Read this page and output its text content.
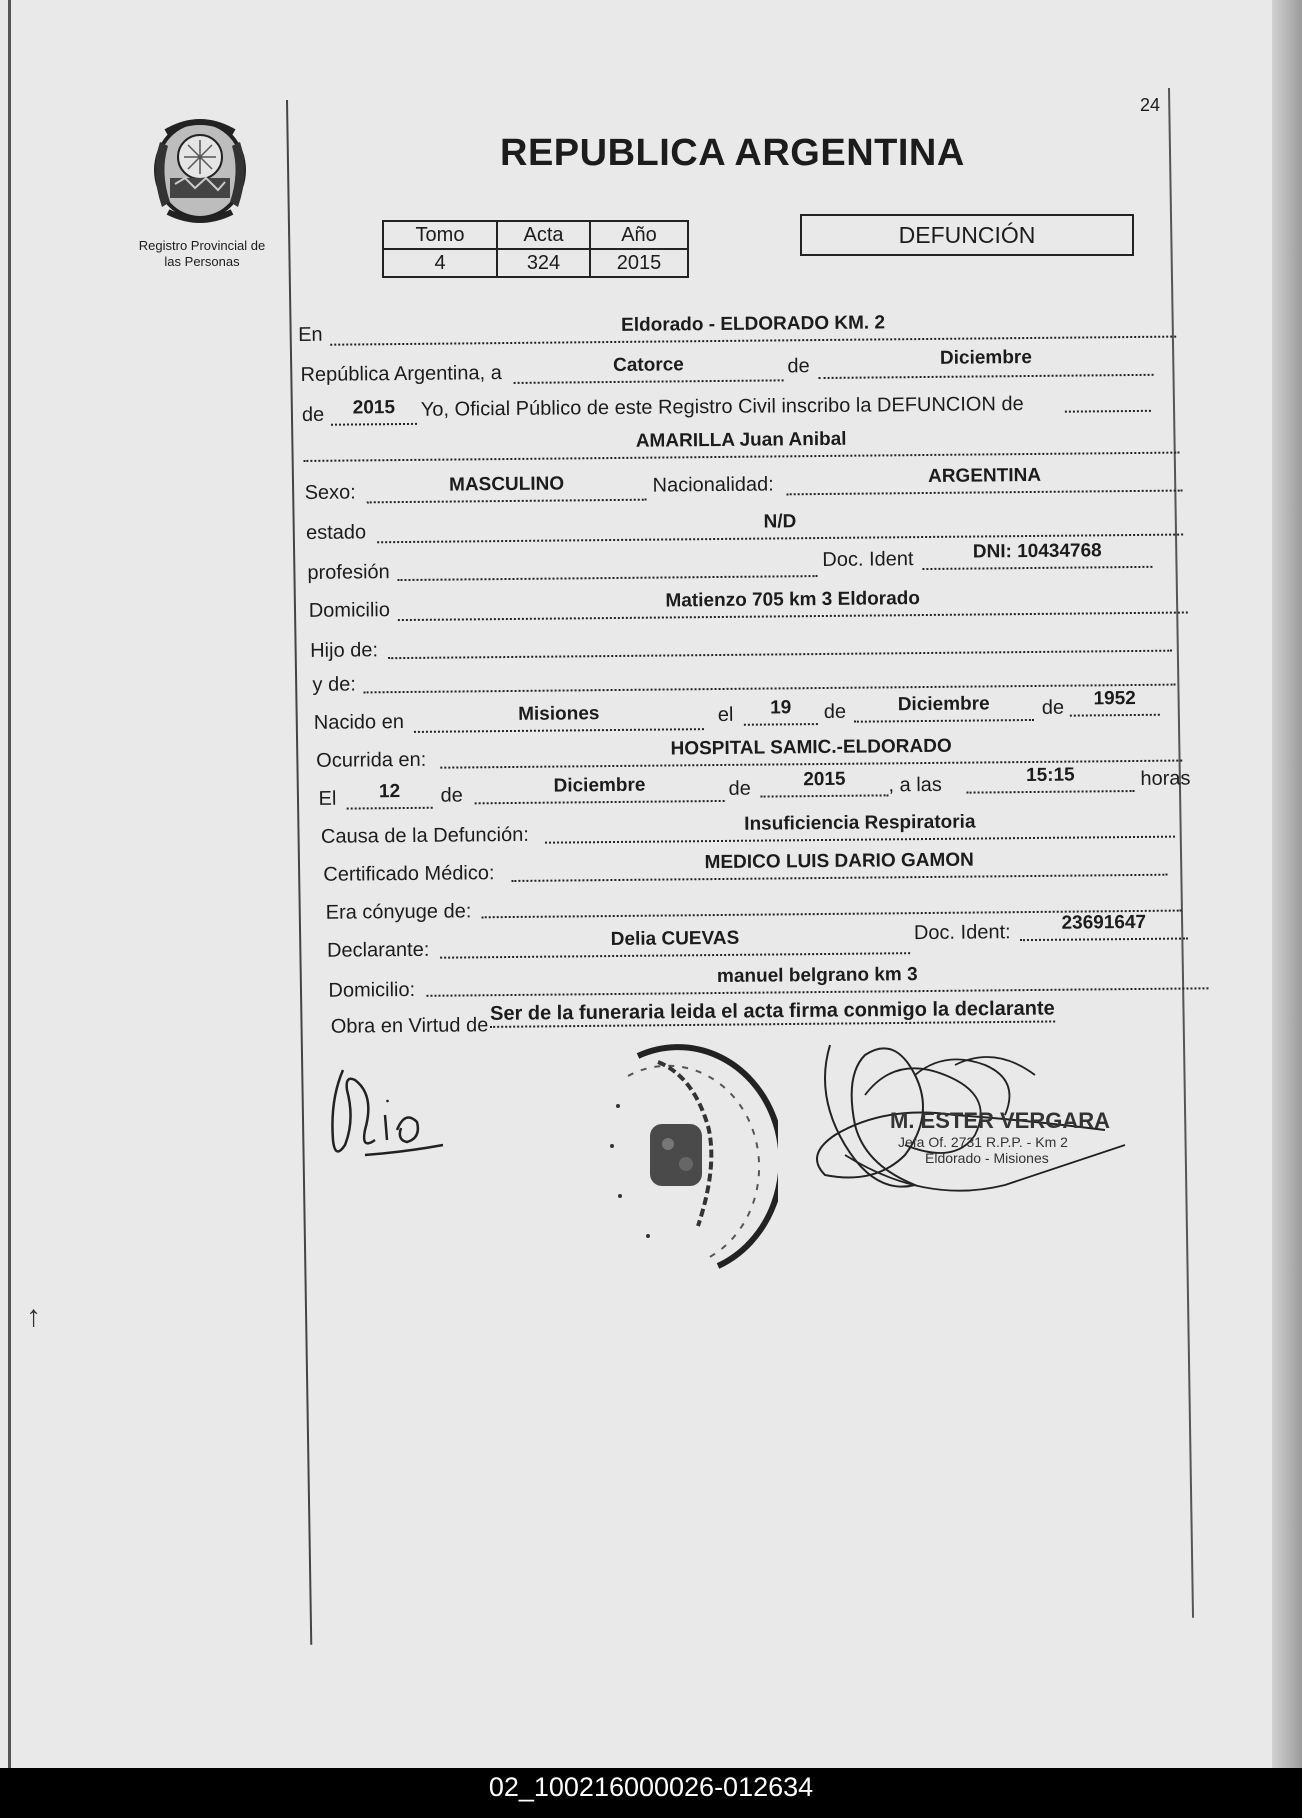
24
Registro Provincial de
las Personas
REPUBLICA ARGENTINA
Tomo	Acta	Año
4	324	2015
DEFUNCIÓN
En	Eldorado - ELDORADO KM. 2
República Argentina, a	Catorce	de	Diciembre
de	2015	Yo, Oficial Público de este Registro Civil inscribo la DEFUNCION de
AMARILLA Juan Anibal
Sexo:	MASCULINO	Nacionalidad:	ARGENTINA
estado	N/D
profesión
Doc. Ident	DNI: 10434768
Domicilio	Matienzo 705 km 3 Eldorado
Hijo de:
y de:
Nacido en	Misiones	el	19	de	Diciembre	de	1952
Ocurrida en:
HOSPITAL SAMIC.-ELDORADO
El	12	de	Diciembre	de	2015	, a las	15:15	horas
Causa de la Defunción:
Insuficiencia Respiratoria
Certificado Médico:
MEDICO LUIS DARIO GAMON
Era cónyuge de:
Declarante:	Delia CUEVAS	Doc. Ident:	23691647
Domicilio:
manuel belgrano km 3
Obra en Virtud de
Ser de la funeraria leida el acta firma conmigo la declarante
M. ESTER VERGARA
Jefa Of. 2731 R.P.P. - Km 2
Eldorado - Misiones
↑
02_100216000026-012634
